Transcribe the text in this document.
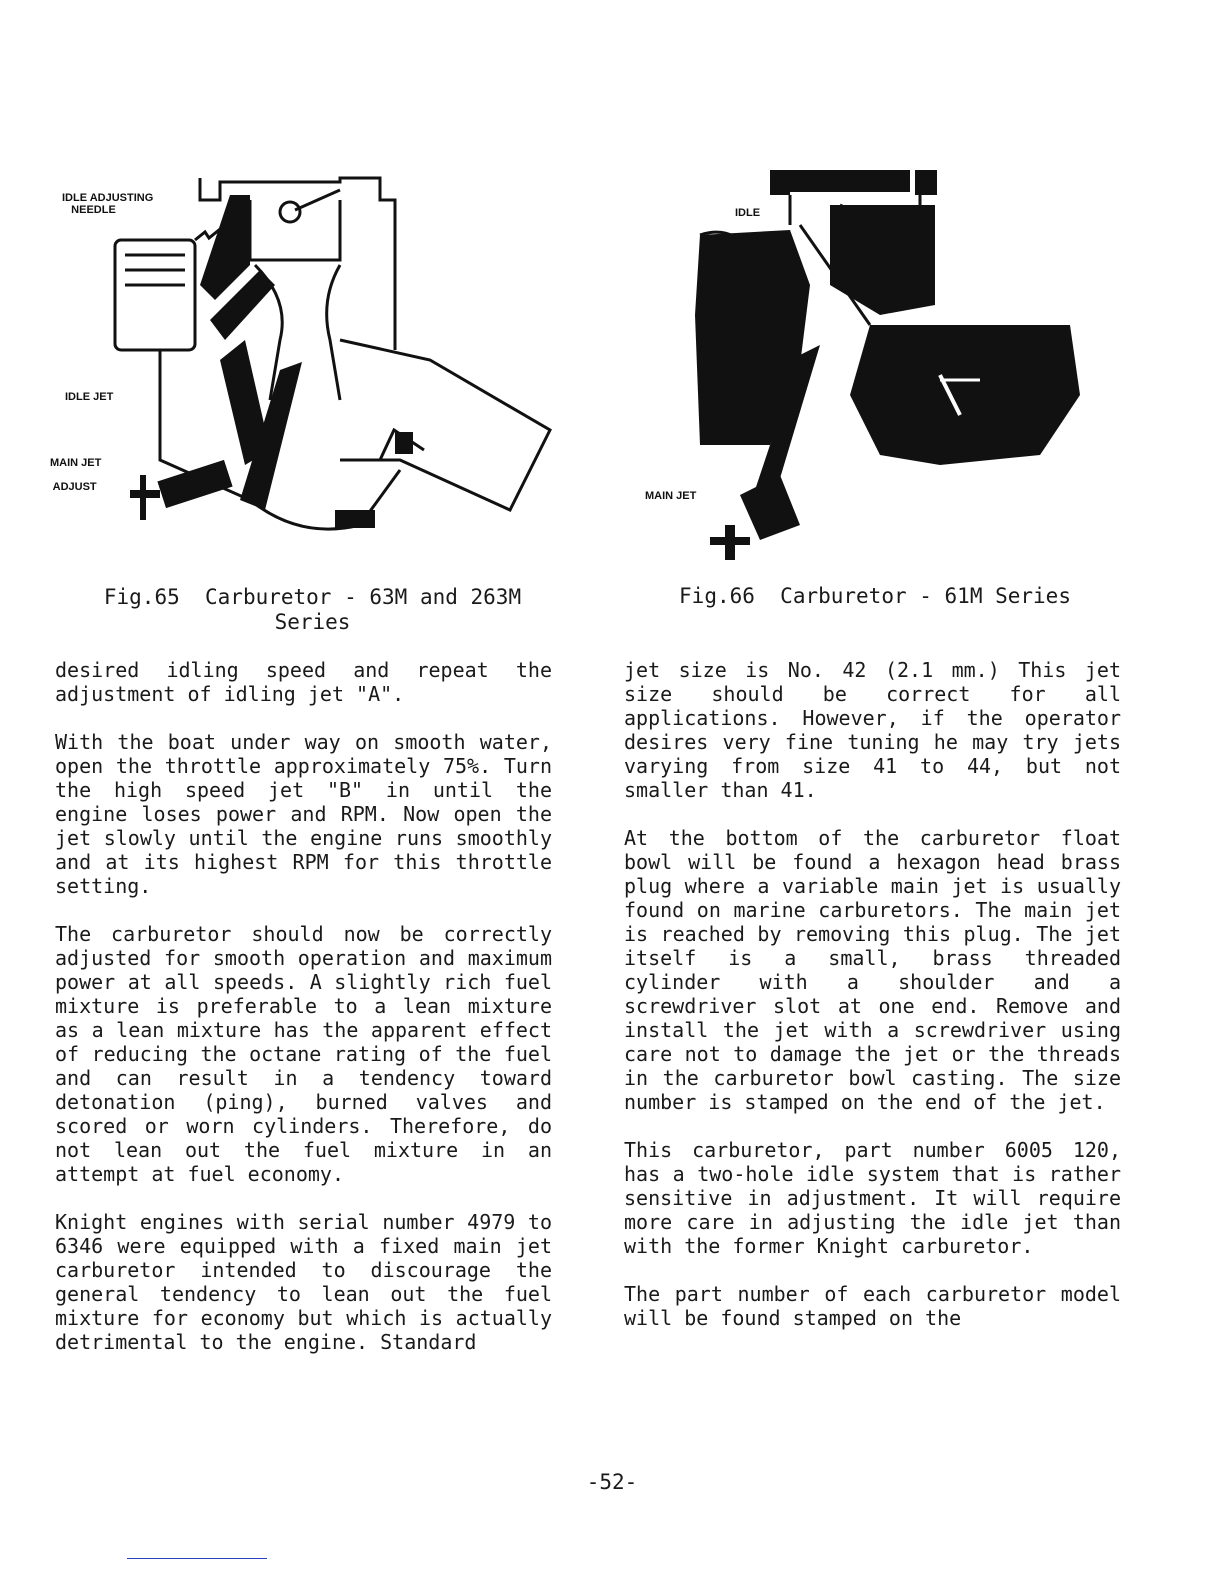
IDLE ADJUSTING
NEEDLE
IDLE JET
MAIN JET
ADJUST
Fig.65  Carburetor - 63M and 263M
Series
IDLE
MAIN JET
Fig.66  Carburetor - 61M Series

desired idling speed and repeat the adjustment of idling jet "A".

With the boat under way on smooth water, open the throttle approximately 75%. Turn the high speed jet "B" in until the engine loses power and RPM. Now open the jet slowly until the engine runs smoothly and at its highest RPM for this throttle setting.

The carburetor should now be correctly adjusted for smooth operation and maximum power at all speeds. A slightly rich fuel mixture is preferable to a lean mixture as a lean mixture has the apparent effect of reducing the octane rating of the fuel and can result in a tendency toward detonation (ping), burned valves and scored or worn cylinders. Therefore, do not lean out the fuel mixture in an attempt at fuel economy.

Knight engines with serial number 4979 to 6346 were equipped with a fixed main jet carburetor intended to discourage the general tendency to lean out the fuel mixture for economy but which is actually detrimental to the engine. Standard

jet size is No. 42 (2.1 mm.) This jet size should be correct for all applications. However, if the operator desires very fine tuning he may try jets varying from size 41 to 44, but not smaller than 41.

At the bottom of the carburetor float bowl will be found a hexagon head brass plug where a variable main jet is usually found on marine carburetors. The main jet is reached by removing this plug. The jet itself is a small, brass threaded cylinder with a shoulder and a screwdriver slot at one end. Remove and install the jet with a screwdriver using care not to damage the jet or the threads in the carburetor bowl casting. The size number is stamped on the end of the jet.

This carburetor, part number 6005 120, has a two-hole idle system that is rather sensitive in adjustment. It will require more care in adjusting the idle jet than with the former Knight carburetor.

The part number of each carburetor model will be found stamped on the

-52-
